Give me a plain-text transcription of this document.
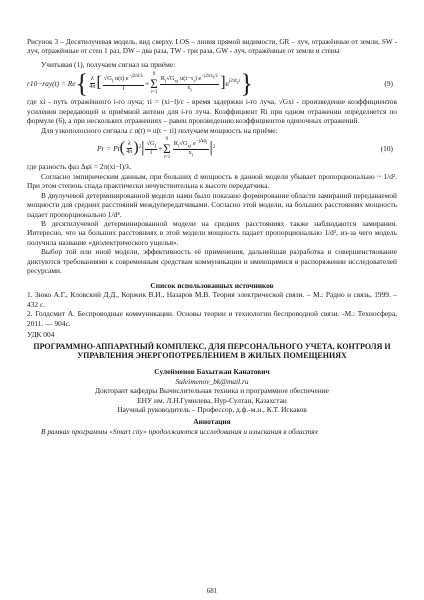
Рисунок 3 – Десятилучевая модель, вид сверху. LOS – линия прямой видимости, GR – луч, отражённые от земли, SW - луч, отражённые от стен 1 раз, DW – два раза, TW - три раза, GW - луч, отражённые от земли и стены

Учитывая (1), получаем сигнал на приёме:

r10−ray(t) = Re { $\frac{\lambda}{4\pi}$ [ $\frac{√G_l u(t) e^{-j2\pi l/\lambda}}{l}$ +
9
Σ
$i=1 \frac{R_i√G_{xi} u(t-\tau_i) e^{-j2\pi x_i/\lambda}}{x_i}$ ] $e^{j2\pi f_ct}$ }	(9)

где xi - путь отражённого i-го луча; τi = (xi−l)/c - время задержки i-го луча, √Gxi - произведение коэффициентов усиления передающей и приёмной антенн для i-го луча. Коэффициент Ri при одном отражении определяется по формуле (6), а при нескольких отражениях – равен произведению коэффициентов одиночных отражений.

Для узкополосного сигнала с u(t) ≈ u(t − τi) получаем мощность на приёме:

Pr = Pt ( $\frac{\lambda}{4\pi}$ ) 2 | $\frac{√G_l}{l}$ +
9
Σ
$i=1 \frac{R_i√G_{xi} e^{-j\Delta\varphi_i}}{x_i}$ | 2	(10)

где разность фаз Δφi = 2π(xi−l)/λ.

Согласно эмпирическим данным, при больших d мощность в данной модели убывает пропорционально ~ 1/d². При этом степень спада практически нечувствительна к высоте передатчика.

В двулучевой детерминированной модели нами было показано формирование области замираний передаваемой мощности для средних расстояний междупередатчиками. Согласно этой модели, на больших расстояниях мощность падает пропорционально 1/d⁴.

В десятилучевой детерминированной модели на средних расстояниях также наблюдаются замирания. Интересно, что на больших расстояниях в этой модели мощность падает пропорционально 1/d², из-за чего модель получила название «диэлектрического ущелья».

Выбор той или иной модели, эффективность её применения, дальнейшая разработка и совершенствование диктуются требованиями к современным средствам коммуникации и имеющимися в распоряжении исследователей ресурсами.

Список использованных источников

1. Зюко А.Г., Кловский Д.Д., Коржик В.И., Назаров М.В. Теория электрической связи. – М.: Радио и связь, 1999. – 432 с.

2. Голдсмит А. Беспроводные коммуникации. Основы теории и технологии беспроводной связи. -М.: Техносфера, 2011. — 904с.

УДК 004

ПРОГРАММНО-АППАРАТНЫЙ КОМПЛЕКС, ДЛЯ ПЕРСОНАЛЬНОГО УЧЕТА, КОНТРОЛЯ И УПРАВЛЕНИЯ ЭНЕРГОПОТРЕБЛЕНИЕМ В ЖИЛЫХ ПОМЕЩЕНИЯХ

Сулейменов Бахытжан Канатович

Suleimenov_bk@mail.ru

Докторант кафедры Вычислительная техника и программное обеспечение

ЕНУ им. Л.Н.Гумилева, Нур-Султан, Казахстан

Научный руководитель – Профессор, д.ф.-м.н., К.Т. Искаков

Аннотация

В рамках программы «Smart city» продолжаются исследования и изыскания в областях

681
